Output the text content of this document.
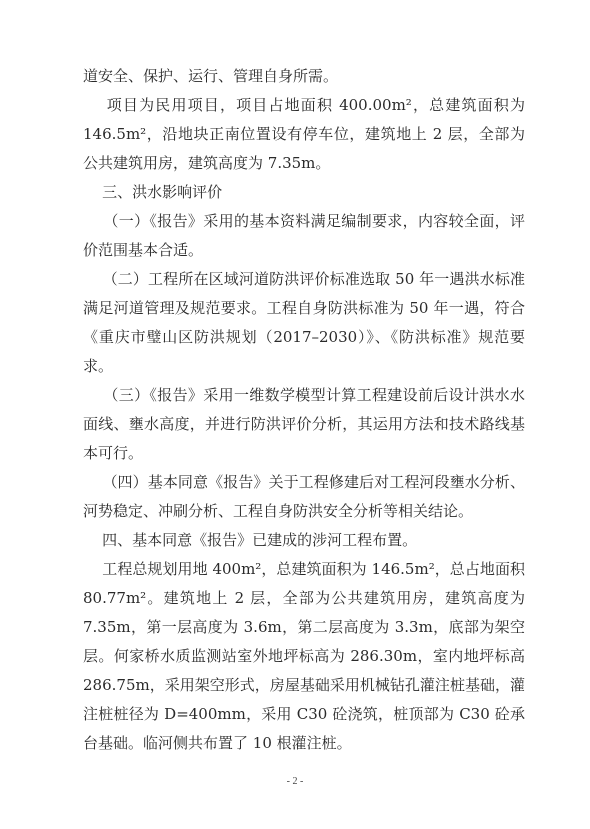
道安全、保护、运行、管理自身所需。

项目为民用项目，项目占地面积 400.00m²，总建筑面积为 146.5m²，沿地块正南位置设有停车位，建筑地上 2 层，全部为公共建筑用房，建筑高度为 7.35m。

三、洪水影响评价

（一）《报告》采用的基本资料满足编制要求，内容较全面，评价范围基本合适。

（二）工程所在区域河道防洪评价标准选取 50 年一遇洪水标准满足河道管理及规范要求。工程自身防洪标准为 50 年一遇，符合《重庆市璧山区防洪规划（2017–2030）》、《防洪标准》规范要求。

（三）《报告》采用一维数学模型计算工程建设前后设计洪水水面线、壅水高度，并进行防洪评价分析，其运用方法和技术路线基本可行。

（四）基本同意《报告》关于工程修建后对工程河段壅水分析、河势稳定、冲刷分析、工程自身防洪安全分析等相关结论。

四、基本同意《报告》已建成的涉河工程布置。

工程总规划用地 400m²，总建筑面积为 146.5m²，总占地面积 80.77m²。建筑地上 2 层，全部为公共建筑用房，建筑高度为 7.35m，第一层高度为 3.6m，第二层高度为 3.3m，底部为架空层。何家桥水质监测站室外地坪标高为 286.30m，室内地坪标高 286.75m，采用架空形式，房屋基础采用机械钻孔灌注桩基础，灌注桩桩径为 D=400mm，采用 C30 砼浇筑，桩顶部为 C30 砼承台基础。临河侧共布置了 10 根灌注桩。

- 2 -
